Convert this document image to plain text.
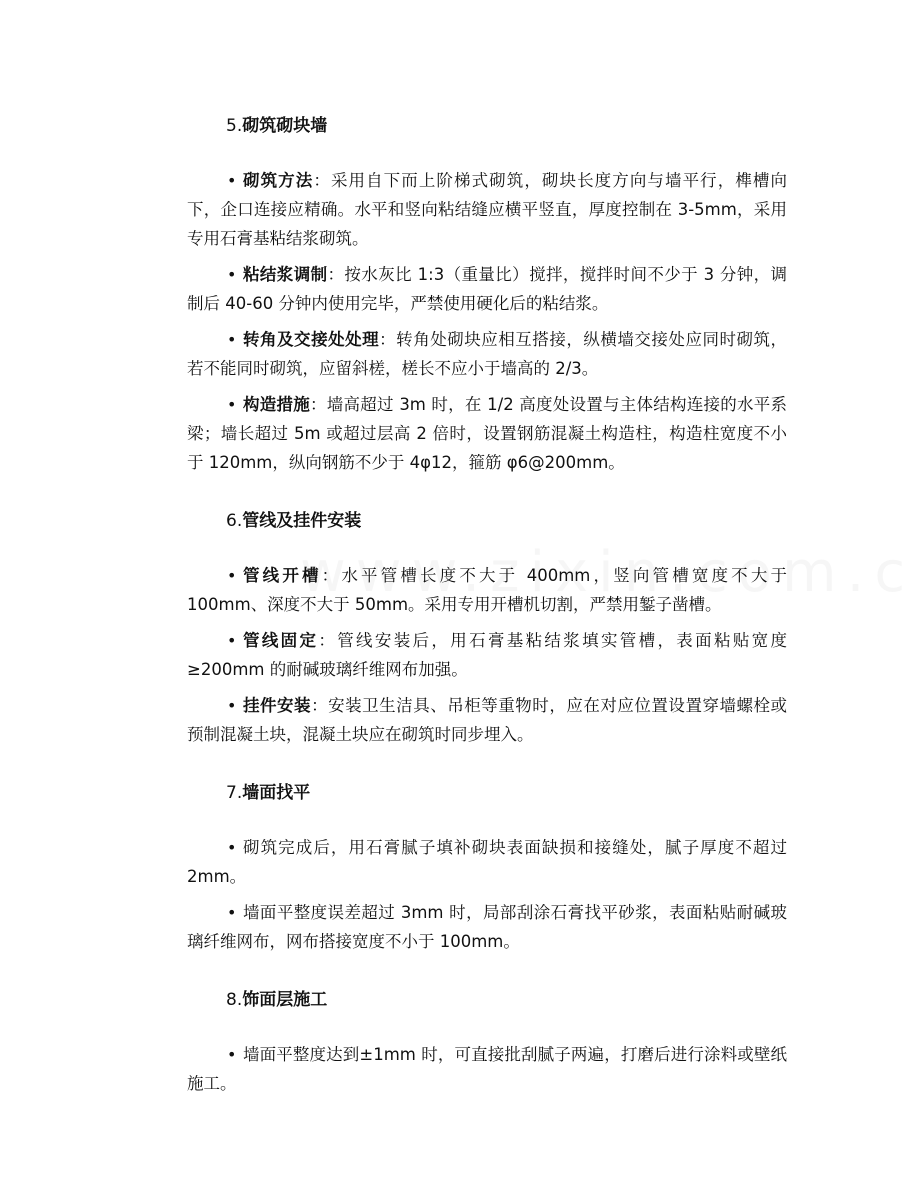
5.砌筑砌块墙
• 砌筑方法：采用自下而上阶梯式砌筑，砌块长度方向与墙平行，榫槽向下，企口连接应精确。水平和竖向粘结缝应横平竖直，厚度控制在 3-5mm，采用专用石膏基粘结浆砌筑。
• 粘结浆调制：按水灰比 1:3（重量比）搅拌，搅拌时间不少于 3 分钟，调制后 40-60 分钟内使用完毕，严禁使用硬化后的粘结浆。
• 转角及交接处处理：转角处砌块应相互搭接，纵横墙交接处应同时砌筑，若不能同时砌筑，应留斜槎，槎长不应小于墙高的 2/3。
• 构造措施：墙高超过 3m 时，在 1/2 高度处设置与主体结构连接的水平系梁；墙长超过 5m 或超过层高 2 倍时，设置钢筋混凝土构造柱，构造柱宽度不小于 120mm，纵向钢筋不少于 4φ12，箍筋 φ6@200mm。
6.管线及挂件安装
• 管线开槽：水平管槽长度不大于 400mm，竖向管槽宽度不大于 100mm、深度不大于 50mm。采用专用开槽机切割，严禁用錾子凿槽。
• 管线固定：管线安装后，用石膏基粘结浆填实管槽，表面粘贴宽度≥200mm 的耐碱玻璃纤维网布加强。
• 挂件安装：安装卫生洁具、吊柜等重物时，应在对应位置设置穿墙螺栓或预制混凝土块，混凝土块应在砌筑时同步埋入。
7.墙面找平
• 砌筑完成后，用石膏腻子填补砌块表面缺损和接缝处，腻子厚度不超过 2mm。
• 墙面平整度误差超过 3mm 时，局部刮涂石膏找平砂浆，表面粘贴耐碱玻璃纤维网布，网布搭接宽度不小于 100mm。
8.饰面层施工
• 墙面平整度达到±1mm 时，可直接批刮腻子两遍，打磨后进行涂料或壁纸施工。
